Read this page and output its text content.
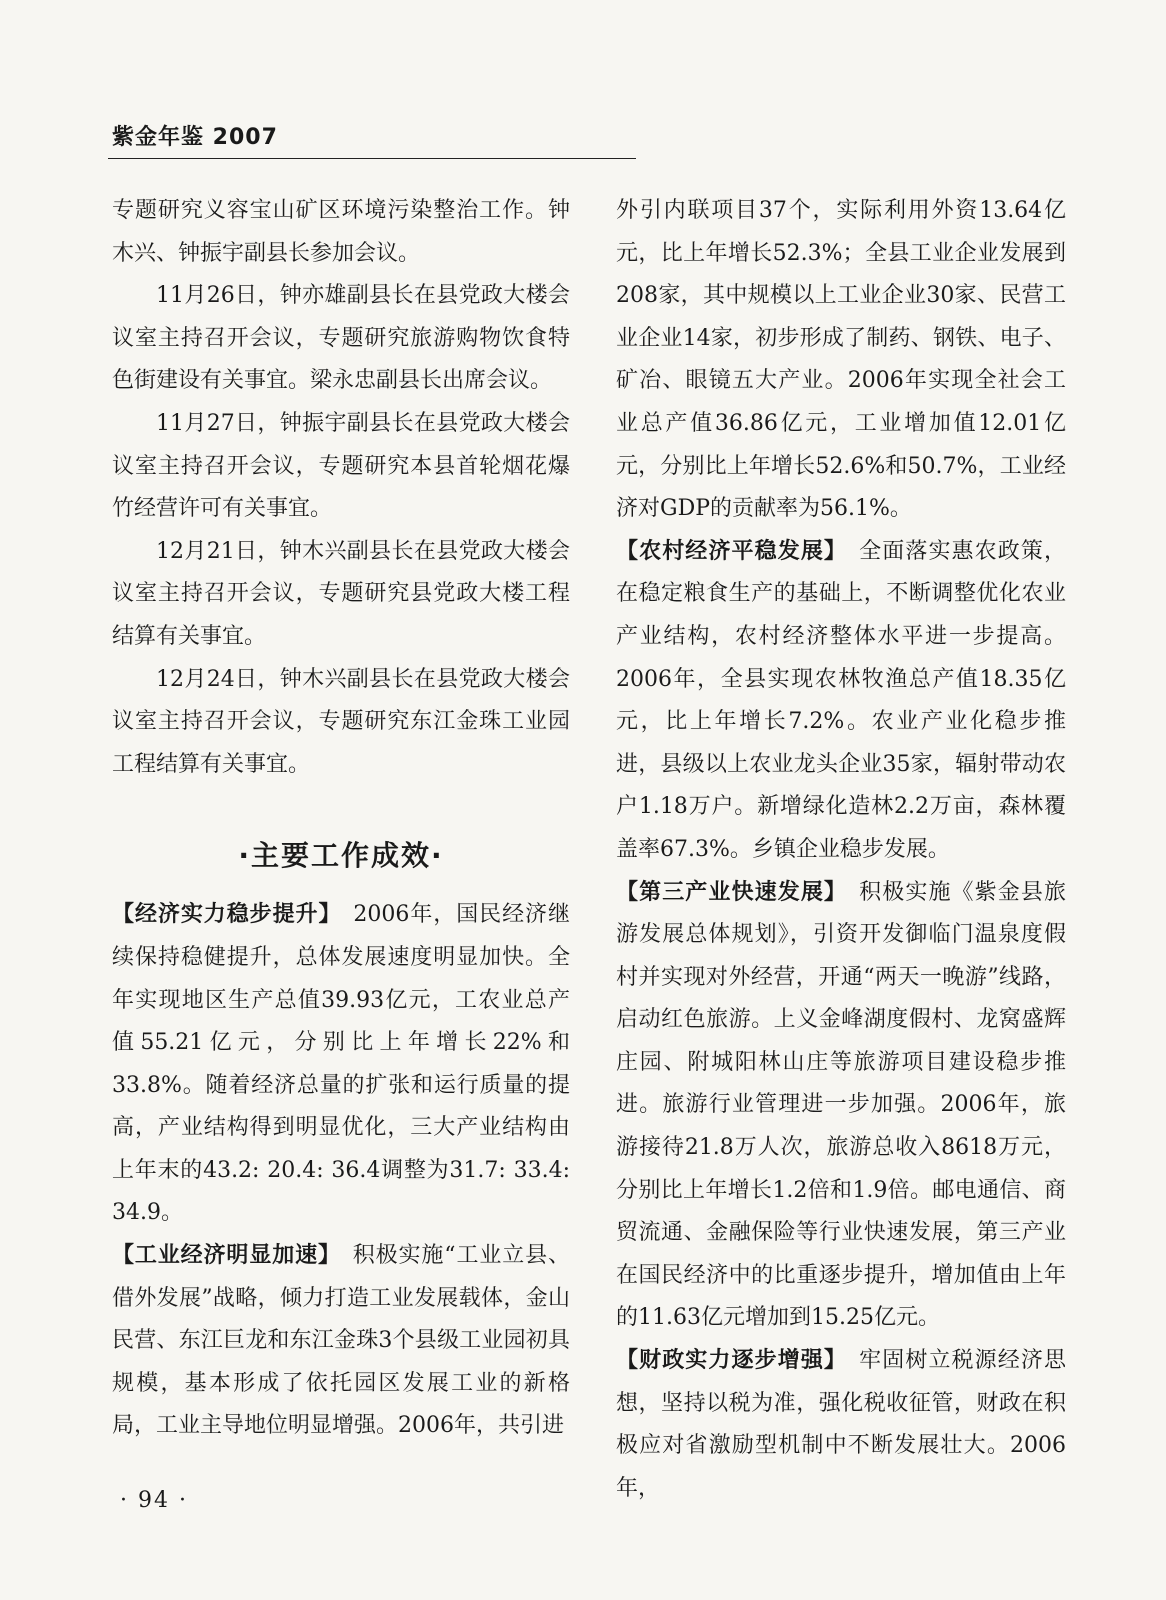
紫金年鉴 2007

专题研究义容宝山矿区环境污染整治工作。钟木兴、钟振宇副县长参加会议。

11月26日，钟亦雄副县长在县党政大楼会议室主持召开会议，专题研究旅游购物饮食特色街建设有关事宜。梁永忠副县长出席会议。

11月27日，钟振宇副县长在县党政大楼会议室主持召开会议，专题研究本县首轮烟花爆竹经营许可有关事宜。

12月21日，钟木兴副县长在县党政大楼会议室主持召开会议，专题研究县党政大楼工程结算有关事宜。

12月24日，钟木兴副县长在县党政大楼会议室主持召开会议，专题研究东江金珠工业园工程结算有关事宜。

·主要工作成效·

【经济实力稳步提升】　 2006年，国民经济继续保持稳健提升，总体发展速度明显加快。全年实现地区生产总值39.93亿元，工农业总产值55.21亿元，分别比上年增长22%和33.8%。随着经济总量的扩张和运行质量的提高，产业结构得到明显优化，三大产业结构由上年末的43.2: 20.4: 36.4调整为31.7: 33.4: 34.9。

【工业经济明显加速】　 积极实施“工业立县、借外发展”战略，倾力打造工业发展载体，金山民营、东江巨龙和东江金珠3个县级工业园初具规模，基本形成了依托园区发展工业的新格局，工业主导地位明显增强。2006年，共引进

外引内联项目37个，实际利用外资13.64亿元，比上年增长52.3%；全县工业企业发展到208家，其中规模以上工业企业30家、民营工业企业14家，初步形成了制药、钢铁、电子、矿冶、眼镜五大产业。2006年实现全社会工业总产值36.86亿元，工业增加值12.01亿元，分别比上年增长52.6%和50.7%，工业经济对GDP的贡献率为56.1%。

【农村经济平稳发展】　 全面落实惠农政策，在稳定粮食生产的基础上，不断调整优化农业产业结构，农村经济整体水平进一步提高。2006年，全县实现农林牧渔总产值18.35亿元，比上年增长7.2%。农业产业化稳步推进，县级以上农业龙头企业35家，辐射带动农户1.18万户。新增绿化造林2.2万亩，森林覆盖率67.3%。乡镇企业稳步发展。

【第三产业快速发展】　 积极实施《紫金县旅游发展总体规划》，引资开发御临门温泉度假村并实现对外经营，开通“两天一晚游”线路，启动红色旅游。上义金峰湖度假村、龙窝盛辉庄园、附城阳林山庄等旅游项目建设稳步推进。旅游行业管理进一步加强。2006年，旅游接待21.8万人次，旅游总收入8618万元，分别比上年增长1.2倍和1.9倍。邮电通信、商贸流通、金融保险等行业快速发展，第三产业在国民经济中的比重逐步提升，增加值由上年的11.63亿元增加到15.25亿元。

【财政实力逐步增强】　 牢固树立税源经济思想，坚持以税为准，强化税收征管，财政在积极应对省激励型机制中不断发展壮大。2006年，

· 94 ·
